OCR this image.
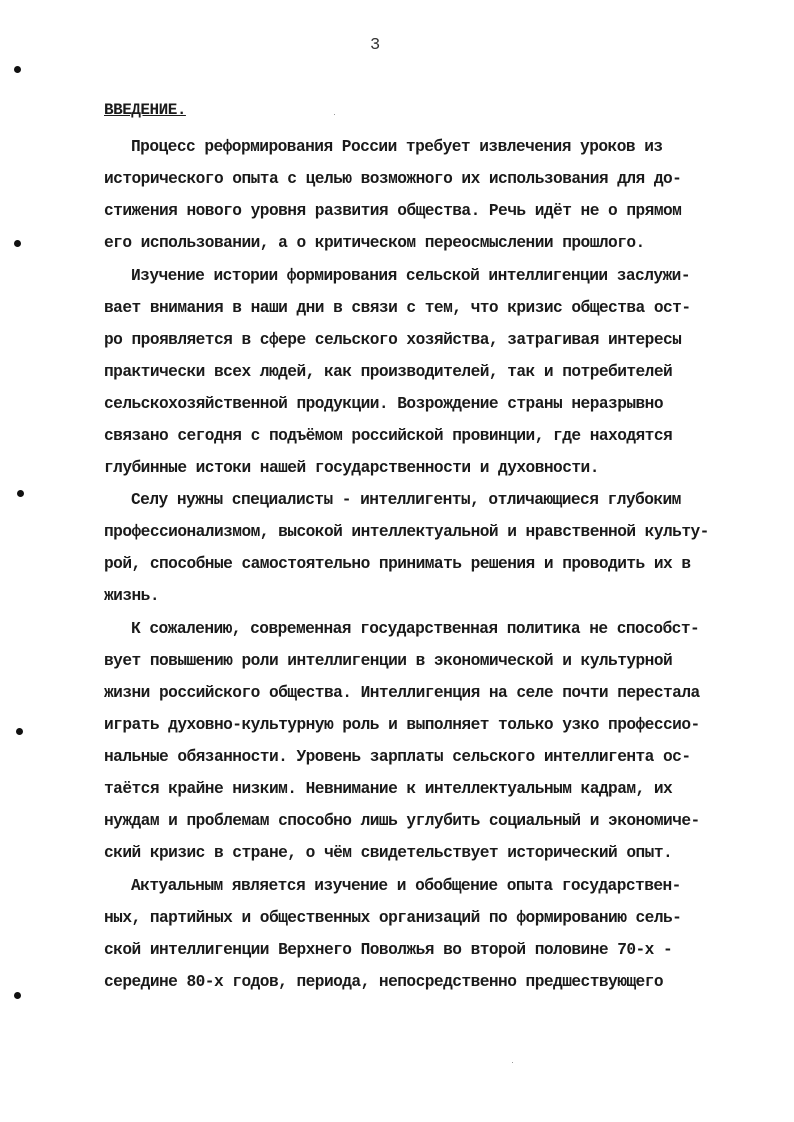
3
ВВЕДЕНИЕ.
Процесс реформирования России требует извлечения уроков из
исторического опыта с целью возможного их использования для до-
стижения нового уровня развития общества. Речь идёт не о прямом
его использовании, а о критическом переосмыслении прошлого.
Изучение истории формирования сельской интеллигенции заслужи-
вает внимания в наши дни в связи с тем, что кризис общества ост-
ро проявляется в сфере сельского хозяйства, затрагивая интересы
практически всех людей, как производителей, так и потребителей
сельскохозяйственной продукции. Возрождение страны неразрывно
связано сегодня с подъёмом российской провинции, где находятся
глубинные истоки нашей государственности и духовности.
Селу нужны специалисты - интеллигенты, отличающиеся глубоким
профессионализмом, высокой интеллектуальной и нравственной культу-
рой, способные самостоятельно принимать решения и проводить их в
жизнь.
К сожалению, современная государственная политика не способст-
вует повышению роли интеллигенции в экономической и культурной
жизни российского общества. Интеллигенция на селе почти перестала
играть духовно-культурную роль и выполняет только узко профессио-
нальные обязанности. Уровень зарплаты сельского интеллигента ос-
таётся крайне низким. Невнимание к интеллектуальным кадрам, их
нуждам и проблемам способно лишь углубить социальный и экономиче-
ский кризис в стране, о чём свидетельствует исторический опыт.
Актуальным является изучение и обобщение опыта государствен-
ных, партийных и общественных организаций по формированию сель-
ской интеллигенции Верхнего Поволжья во второй половине 70-х -
середине 80-х годов, периода, непосредственно предшествующего
